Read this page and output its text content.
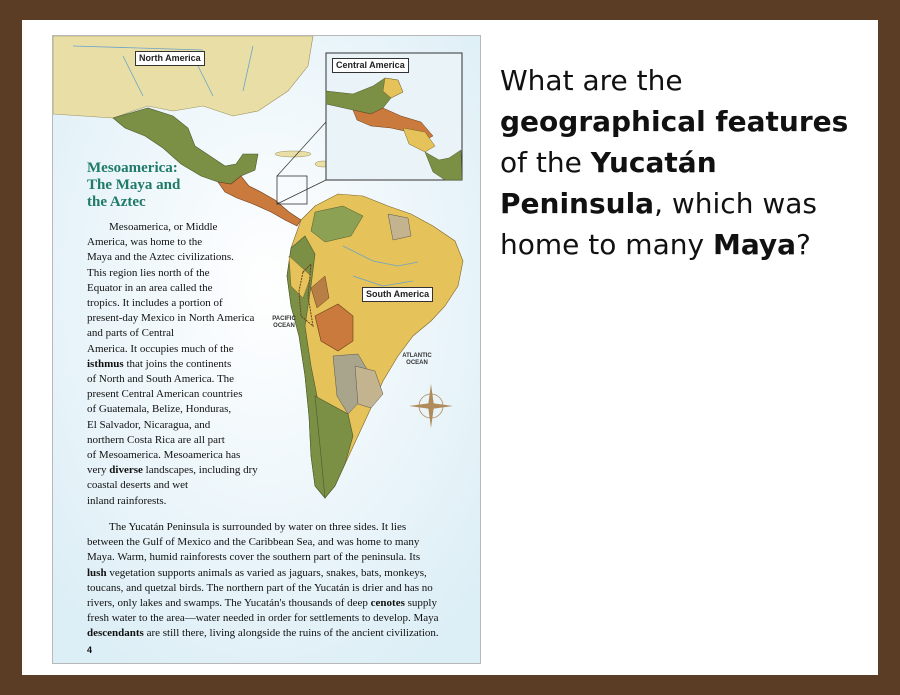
North America
Central America
South America
PACIFIC OCEAN
ATLANTIC OCEAN
Mesoamerica:
The Maya and
the Aztec
Mesoamerica, or Middle
America, was home to the
Maya and the Aztec civilizations.
This region lies north of the
Equator in an area called the
tropics. It includes a portion of
present-day Mexico in North America
and parts of Central
America. It occupies much of the
isthmus that joins the continents
of North and South America. The
present Central American countries
of Guatemala, Belize, Honduras,
El Salvador, Nicaragua, and
northern Costa Rica are all part
of Mesoamerica. Mesoamerica has
very diverse landscapes, including dry
coastal deserts and wet
inland rainforests.
The Yucatán Peninsula is surrounded by water on three sides. It lies
between the Gulf of Mexico and the Caribbean Sea, and was home to many
Maya. Warm, humid rainforests cover the southern part of the peninsula. Its
lush vegetation supports animals as varied as jaguars, snakes, bats, monkeys,
toucans, and quetzal birds. The northern part of the Yucatán is drier and has no
rivers, only lakes and swamps. The Yucatán's thousands of deep cenotes supply
fresh water to the area—water needed in order for settlements to develop. Maya
descendants are still there, living alongside the ruins of the ancient civilization.
4
What are the geographical features of the Yucatán Peninsula, which was home to many Maya?
